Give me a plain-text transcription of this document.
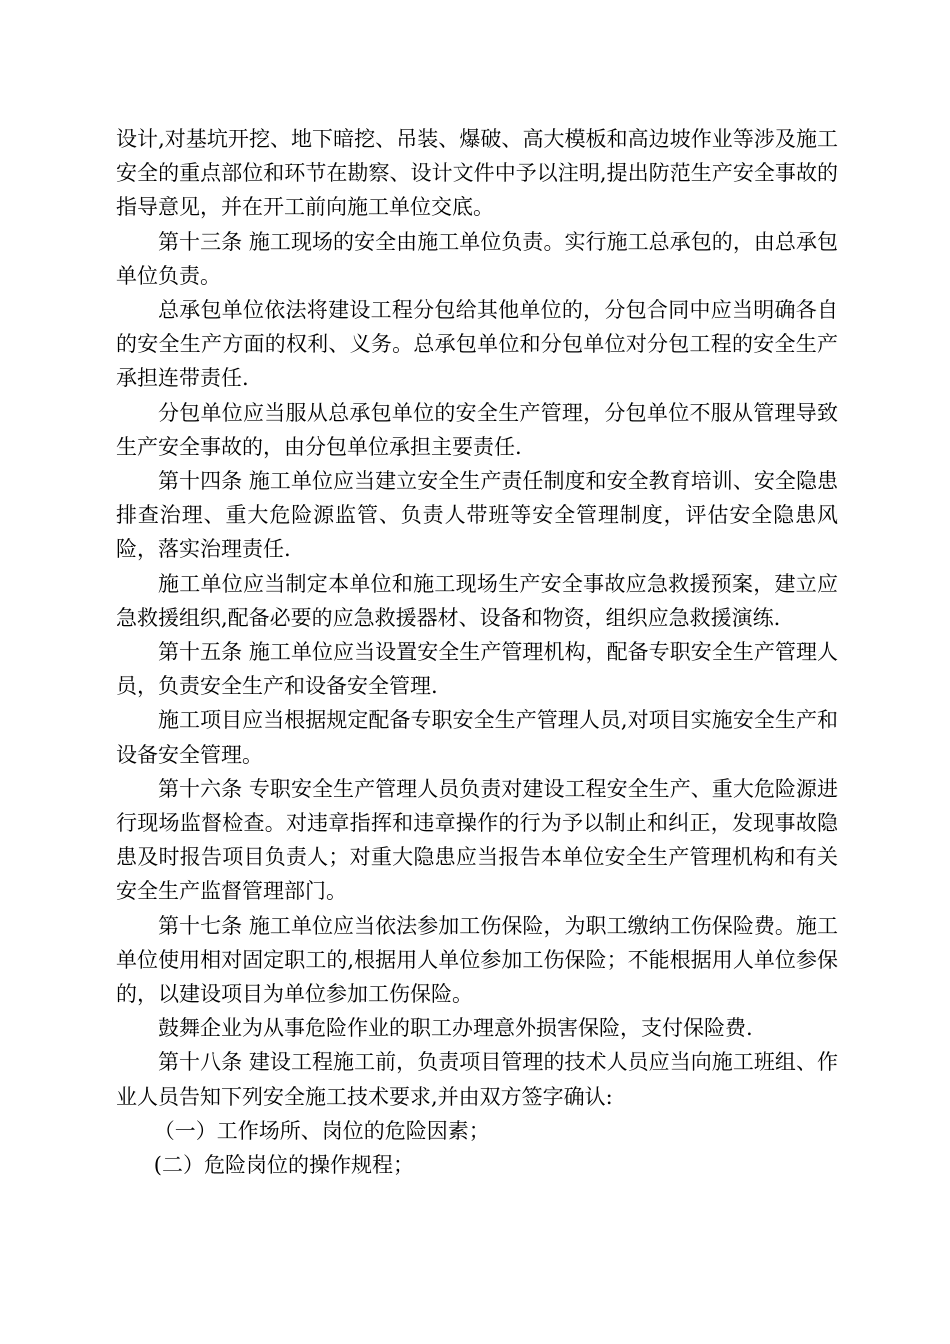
设计,对基坑开挖、地下暗挖、吊装、爆破、高大模板和高边坡作业等涉及施工安全的重点部位和环节在勘察、设计文件中予以注明,提出防范生产安全事故的指导意见，并在开工前向施工单位交底。

第十三条 施工现场的安全由施工单位负责。实行施工总承包的，由总承包单位负责。

总承包单位依法将建设工程分包给其他单位的，分包合同中应当明确各自的安全生产方面的权利、义务。总承包单位和分包单位对分包工程的安全生产承担连带责任.

分包单位应当服从总承包单位的安全生产管理，分包单位不服从管理导致生产安全事故的，由分包单位承担主要责任.

第十四条 施工单位应当建立安全生产责任制度和安全教育培训、安全隐患排查治理、重大危险源监管、负责人带班等安全管理制度，评估安全隐患风险，落实治理责任.

施工单位应当制定本单位和施工现场生产安全事故应急救援预案，建立应急救援组织,配备必要的应急救援器材、设备和物资，组织应急救援演练.

第十五条 施工单位应当设置安全生产管理机构，配备专职安全生产管理人员，负责安全生产和设备安全管理.

施工项目应当根据规定配备专职安全生产管理人员,对项目实施安全生产和设备安全管理。

第十六条 专职安全生产管理人员负责对建设工程安全生产、重大危险源进行现场监督检查。对违章指挥和违章操作的行为予以制止和纠正，发现事故隐患及时报告项目负责人；对重大隐患应当报告本单位安全生产管理机构和有关安全生产监督管理部门。

第十七条 施工单位应当依法参加工伤保险，为职工缴纳工伤保险费。施工单位使用相对固定职工的,根据用人单位参加工伤保险；不能根据用人单位参保的，以建设项目为单位参加工伤保险。

鼓舞企业为从事危险作业的职工办理意外损害保险，支付保险费.

第十八条 建设工程施工前，负责项目管理的技术人员应当向施工班组、作业人员告知下列安全施工技术要求,并由双方签字确认:

（一）工作场所、岗位的危险因素；

(二）危险岗位的操作规程；
